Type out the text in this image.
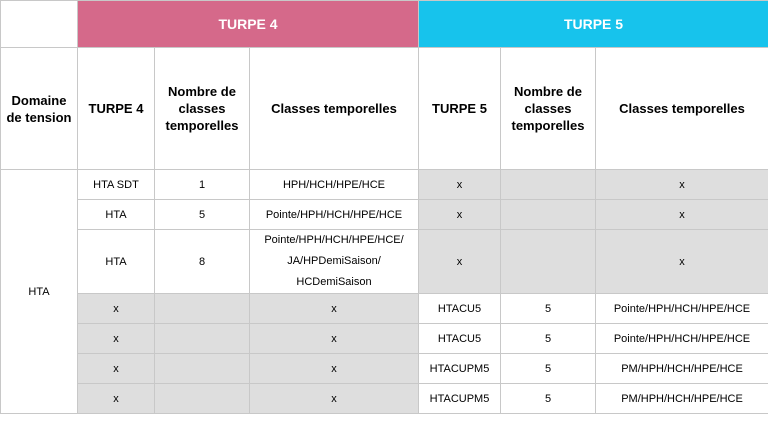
	TURPE 4			TURPE 5		
Domaine de tension	TURPE 4	Nombre de classes temporelles	Classes temporelles	TURPE 5	Nombre de classes temporelles	Classes temporelles
HTA	HTA SDT	1	HPH/HCH/HPE/HCE	x		x
	HTA	5	Pointe/HPH/HCH/HPE/HCE	x		x
	HTA	8	Pointe/HPH/HCH/HPE/HCE/ JA/HPDemiSaison/ HCDemiSaison	x		x
	x		x	HTACU5	5	Pointe/HPH/HCH/HPE/HCE
	x		x	HTACU5	5	Pointe/HPH/HCH/HPE/HCE
	x		x	HTACUPM5	5	PM/HPH/HCH/HPE/HCE
	x		x	HTACUPM5	5	PM/HPH/HCH/HPE/HCE
